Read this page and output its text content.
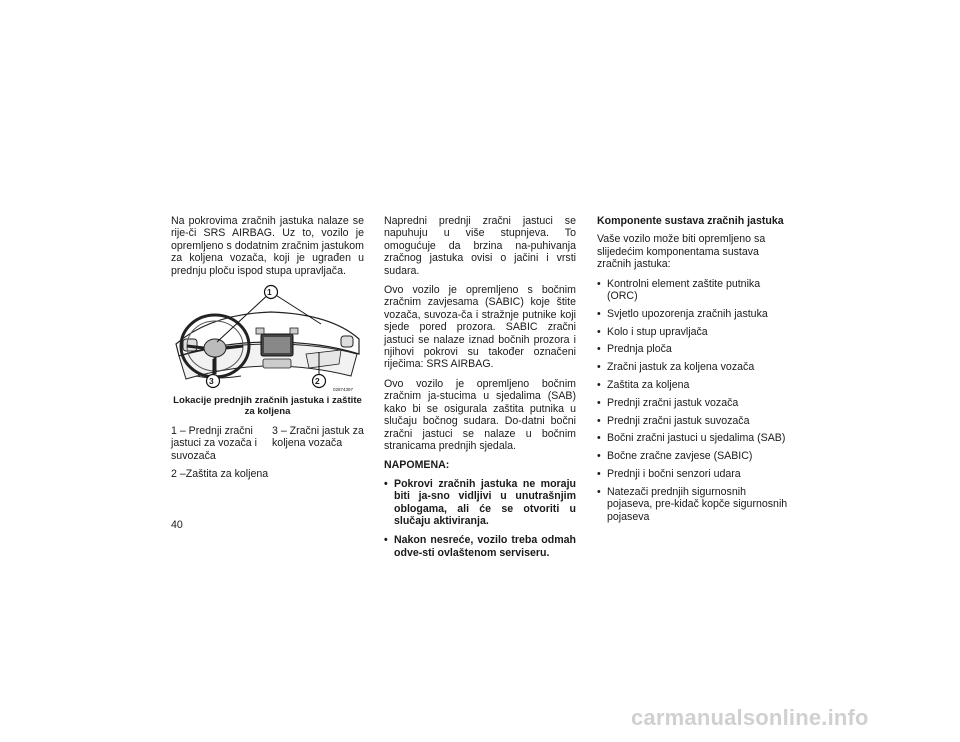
Na pokrovima zračnih jastuka nalaze se rije-či SRS AIRBAG. Uz to, vozilo je opremljeno s dodatnim zračnim jastukom za koljena vozača, koji je ugrađen u prednju ploču ispod stupa upravljača.

1
2
3
02874397

Lokacije prednjih zračnih jastuka i zaštite za koljena

1 – Prednji zračni jastuci za vozača i suvozača
3 – Zračni jastuk za koljena vozača

2 –Zaštita za koljena

Napredni prednji zračni jastuci se napuhuju u više stupnjeva. To omogućuje da brzina na-puhivanja zračnog jastuka ovisi o jačini i vrsti sudara.

Ovo vozilo je opremljeno s bočnim zračnim zavjesama (SABIC) koje štite vozača, suvoza-ča i stražnje putnike koji sjede pored prozora. SABIC zračni jastuci se nalaze iznad bočnih prozora i njihovi pokrovi su također označeni riječima: SRS AIRBAG.

Ovo vozilo je opremljeno bočnim zračnim ja-stucima u sjedalima (SAB) kako bi se osigurala zaštita putnika u slučaju bočnog sudara. Do-datni bočni zračni jastuci se nalaze u bočnim stranicama prednjih sjedala.

NAPOMENA:

• Pokrovi zračnih jastuka ne moraju biti ja-sno vidljivi u unutrašnjim oblogama, ali će se otvoriti u slučaju aktiviranja.
• Nakon nesreće, vozilo treba odmah odve-sti ovlaštenom serviseru.

Komponente sustava zračnih jastuka

Vaše vozilo može biti opremljeno sa slijedećim komponentama sustava zračnih jastuka:

• Kontrolni element zaštite putnika (ORC)
• Svjetlo upozorenja zračnih jastuka
• Kolo i stup upravljača
• Prednja ploča
• Zračni jastuk za koljena vozača
• Zaštita za koljena
• Prednji zračni jastuk vozača
• Prednji zračni jastuk suvozača
• Bočni zračni jastuci u sjedalima (SAB)
• Bočne zračne zavjese (SABIC)
• Prednji i bočni senzori udara
• Natezači prednjih sigurnosnih pojaseva, pre-kidač kopče sigurnosnih pojaseva
40
carmanualsonline.info
